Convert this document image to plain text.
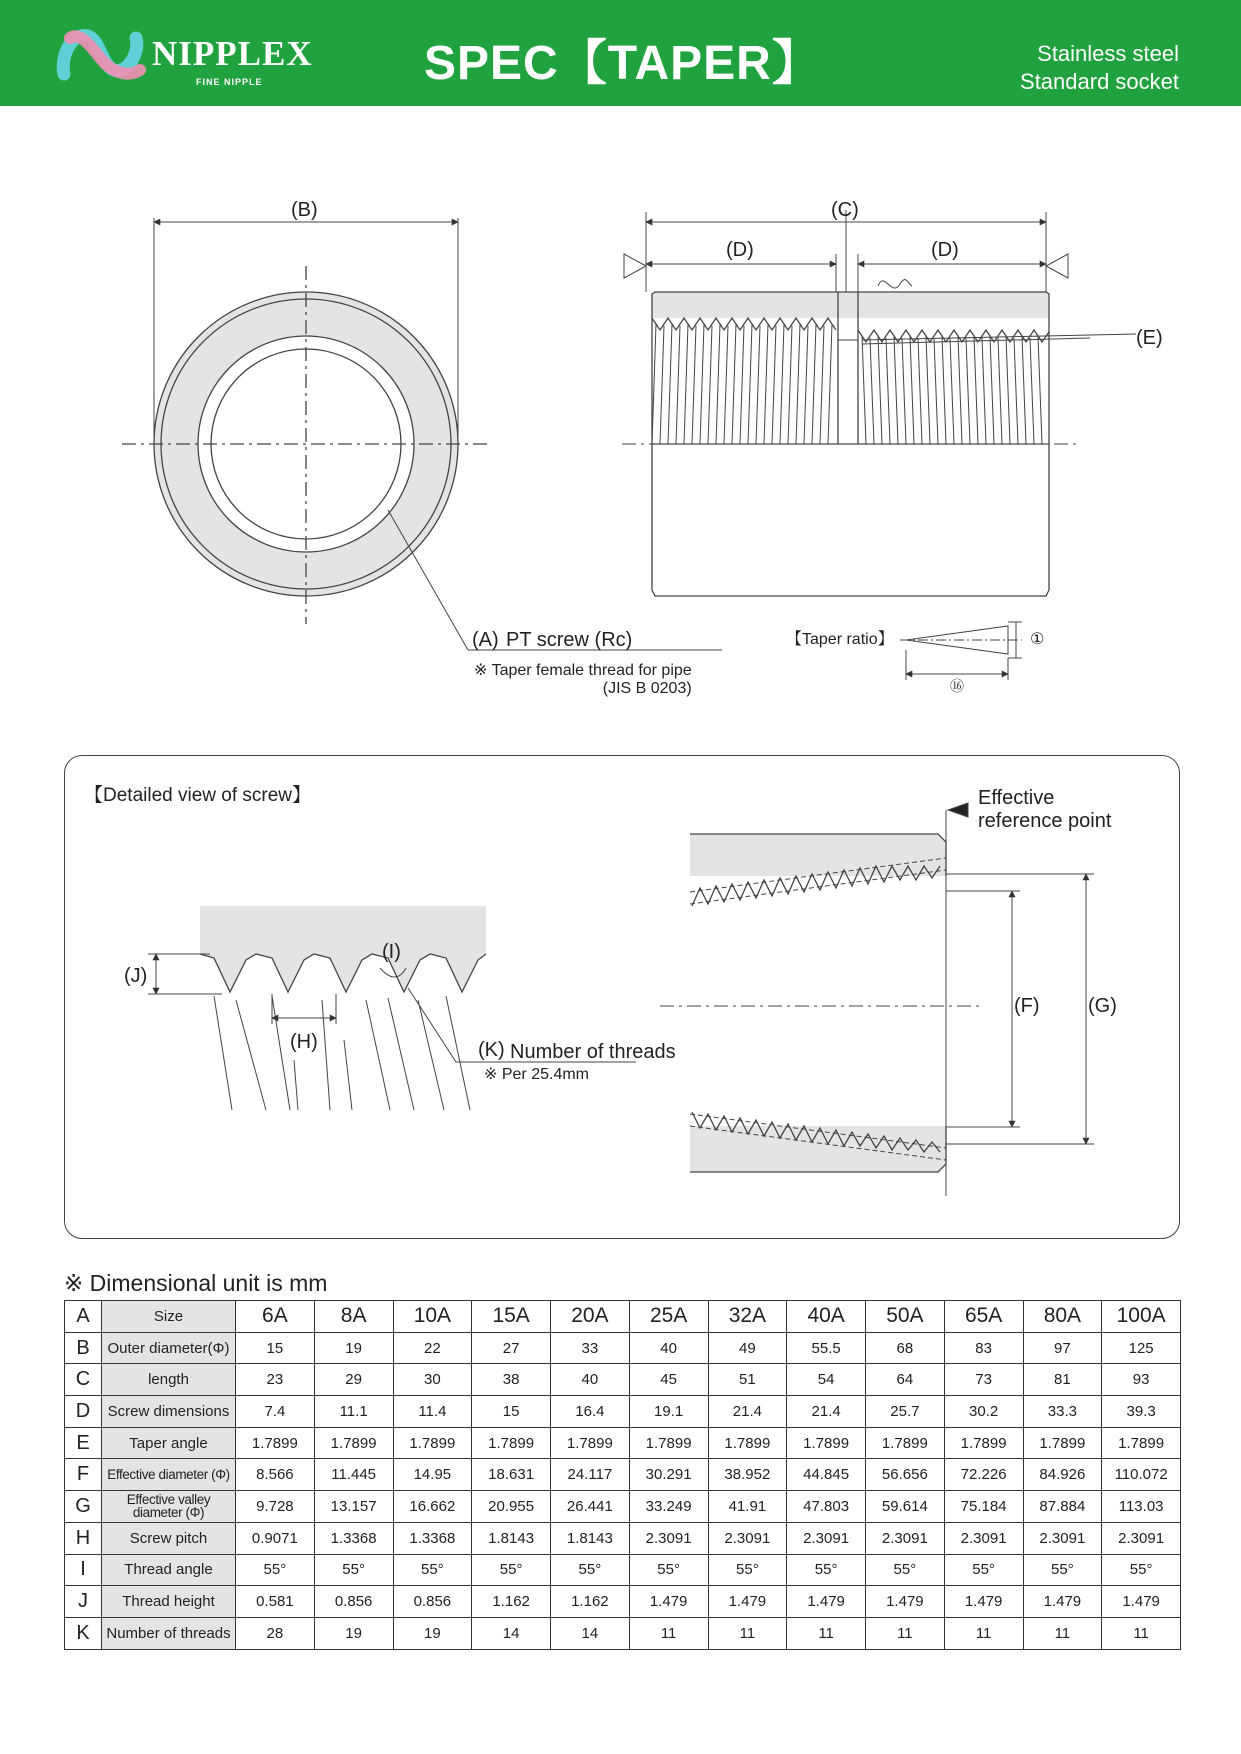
NIPPLEX
FINE NIPPLE	SPEC【TAPER】	Stainless steel
Standard socket
(B)	(C)
(D)	(D)
(E)
(A) PT screw (Rc)
※ Taper female thread for pipe
(JIS B 0203)
【Taper ratio】	①
⑯
【Detailed view of screw】
(J)
(I)
(H)	(K) Number of threads
※ Per 25.4mm
Effective
reference point
(F) (G)
※ Dimensional unit is mm
A	Size	6A	8A	10A	15A	20A	25A	32A	40A	50A	65A	80A	100A
B	Outer diameter(Φ)	15	19	22	27	33	40	49	55.5	68	83	97	125
C	length	23	29	30	38	40	45	51	54	64	73	81	93
D	Screw dimensions	7.4	11.1	11.4	15	16.4	19.1	21.4	21.4	25.7	30.2	33.3	39.3
E	Taper angle	1.7899	1.7899	1.7899	1.7899	1.7899	1.7899	1.7899	1.7899	1.7899	1.7899	1.7899	1.7899
F	Effective diameter (Φ)	8.566	11.445	14.95	18.631	24.117	30.291	38.952	44.845	56.656	72.226	84.926	110.072
G	Effective valley diameter (Φ)	9.728	13.157	16.662	20.955	26.441	33.249	41.91	47.803	59.614	75.184	87.884	113.03
H	Screw pitch	0.9071	1.3368	1.3368	1.8143	1.8143	2.3091	2.3091	2.3091	2.3091	2.3091	2.3091	2.3091
I	Thread angle	55°	55°	55°	55°	55°	55°	55°	55°	55°	55°	55°	55°
J	Thread height	0.581	0.856	0.856	1.162	1.162	1.479	1.479	1.479	1.479	1.479	1.479	1.479
K	Number of threads	28	19	19	14	14	11	11	11	11	11	11	11
